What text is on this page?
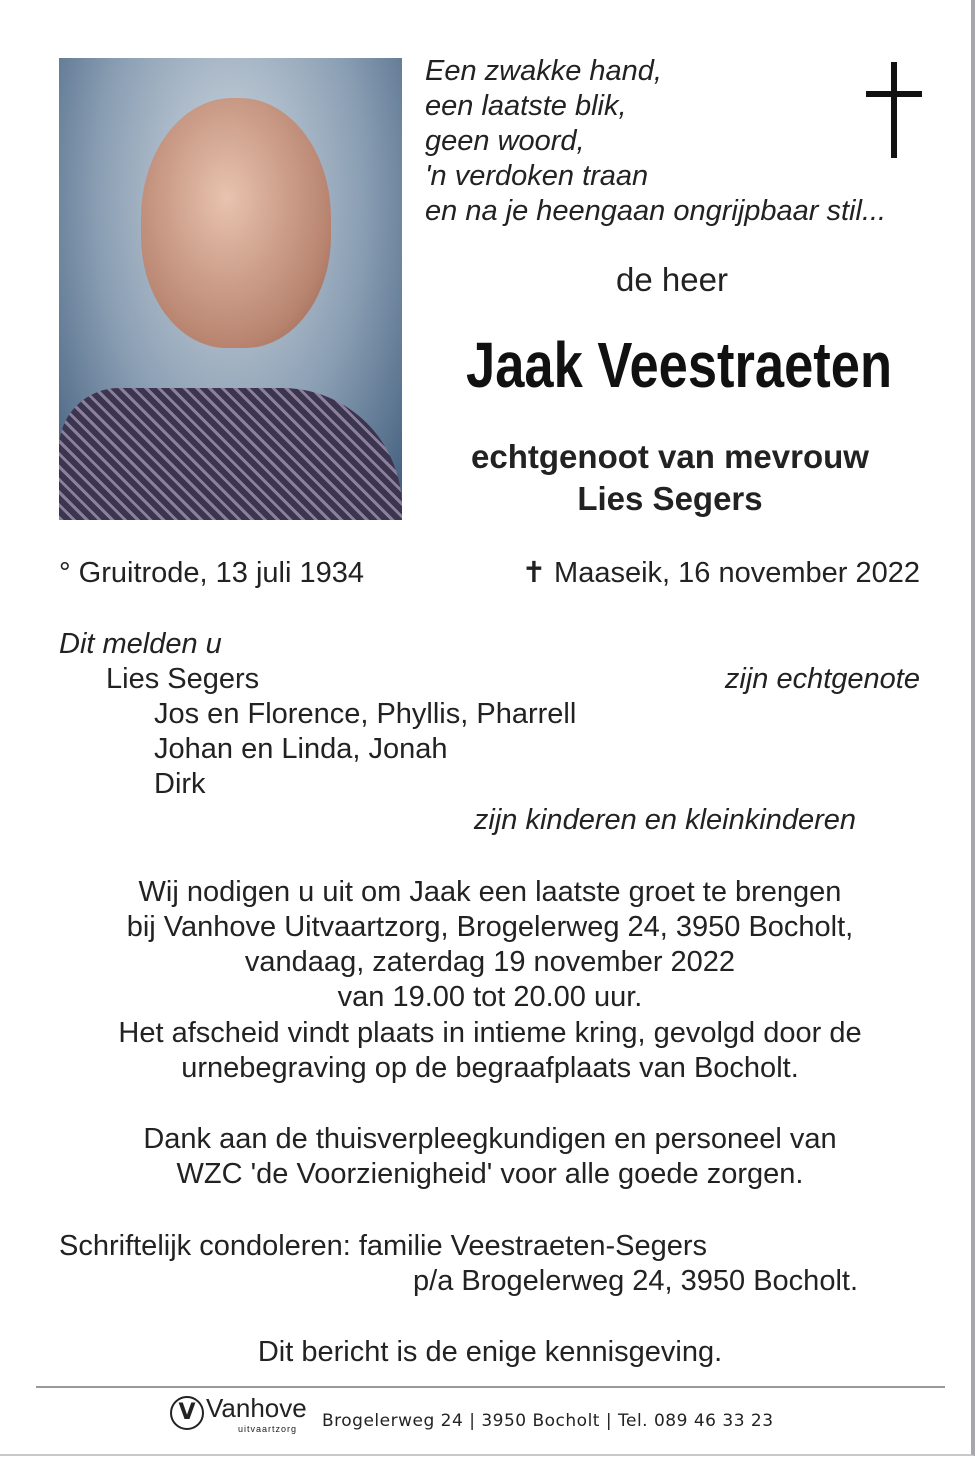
Een zwakke hand,
een laatste blik,
geen woord,
'n verdoken traan
en na je heengaan ongrijpbaar stil...
de heer
Jaak Veestraeten
echtgenoot van mevrouw
Lies Segers
° Gruitrode, 13 juli 1934	✝ Maaseik, 16 november 2022
Dit melden u
Lies Segers	zijn echtgenote
Jos en Florence, Phyllis, Pharrell
Johan en Linda, Jonah
Dirk
zijn kinderen en kleinkinderen
Wij nodigen u uit om Jaak een laatste groet te brengen
bij Vanhove Uitvaartzorg, Brogelerweg 24, 3950 Bocholt,
vandaag, zaterdag 19 november 2022
van 19.00 tot 20.00 uur.
Het afscheid vindt plaats in intieme kring, gevolgd door de
urnebegraving op de begraafplaats van Bocholt.
Dank aan de thuisverpleegkundigen en personeel van
WZC 'de Voorzienigheid' voor alle goede zorgen.
Schriftelijk condoleren: familie Veestraeten-Segers
p/a Brogelerweg 24, 3950 Bocholt.
Dit bericht is de enige kennisgeving.
V Vanhove
uitvaartzorg Brogelerweg 24 | 3950 Bocholt | Tel. 089 46 33 23
